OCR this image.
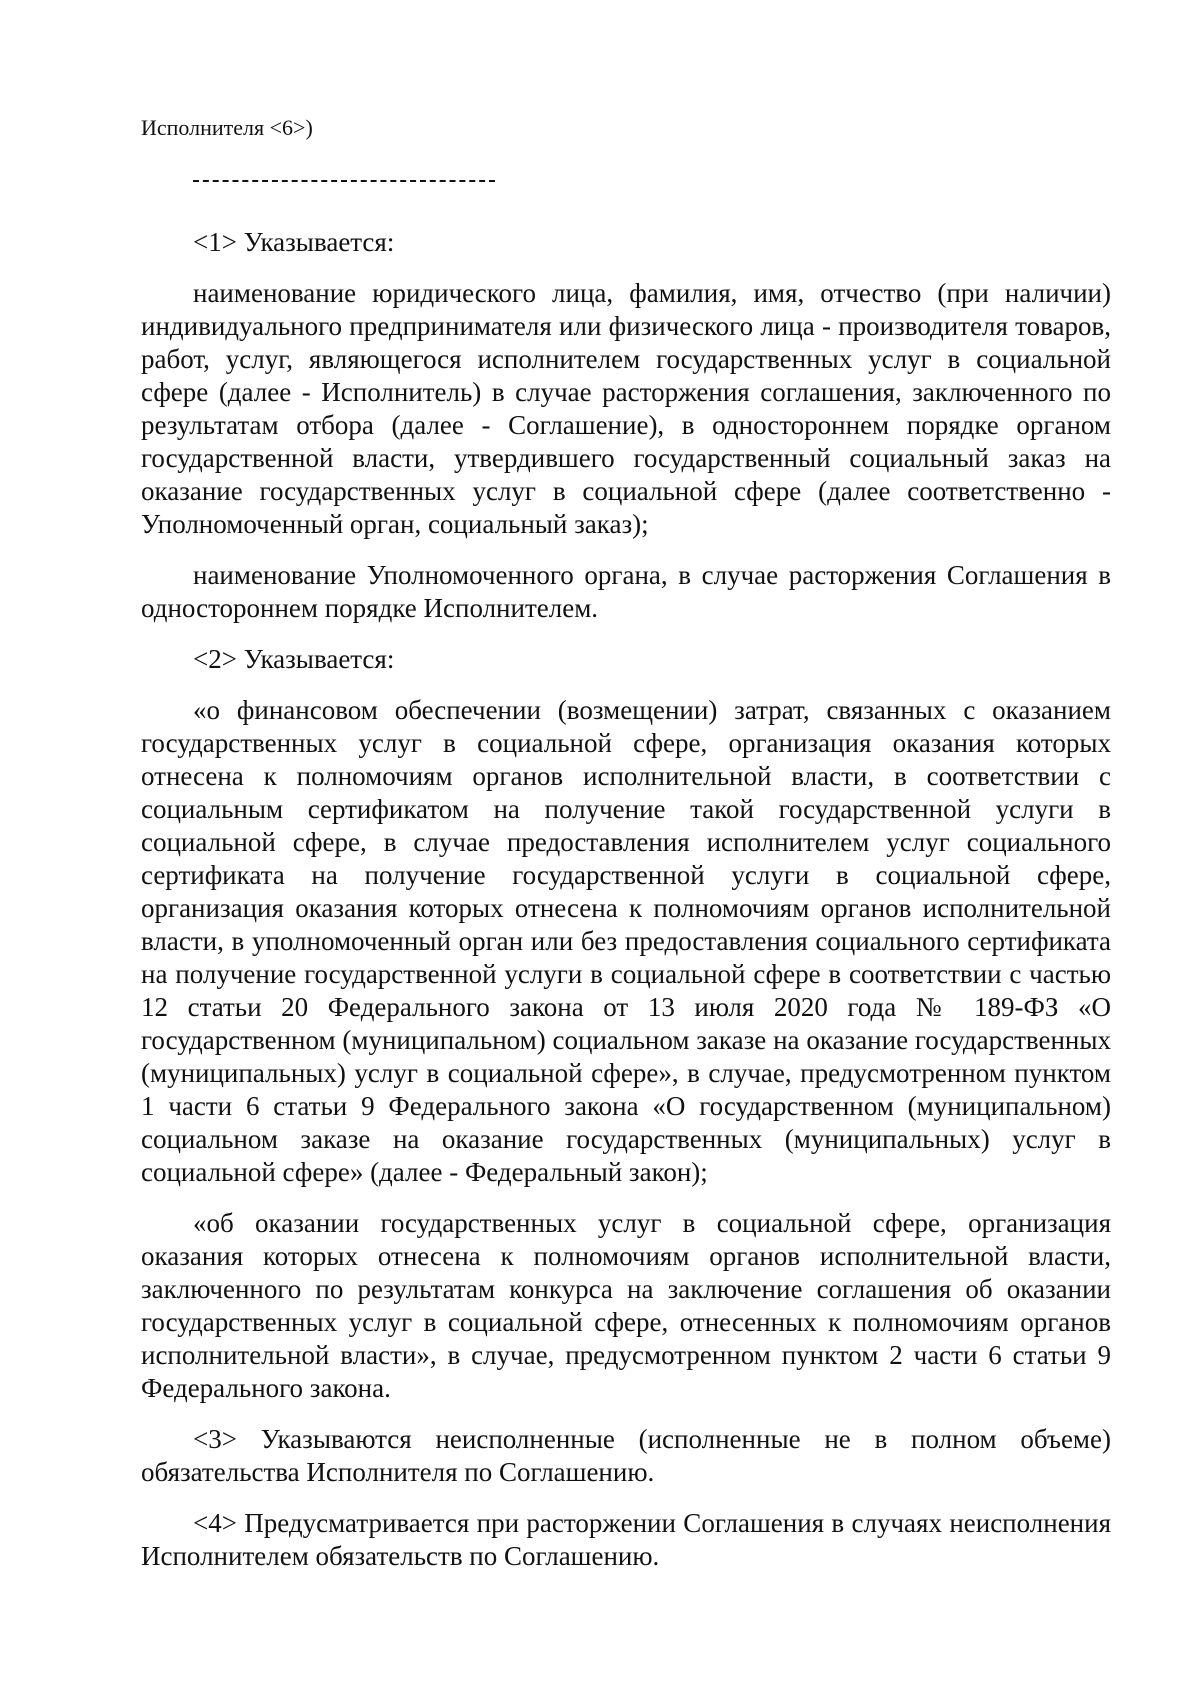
Исполнителя <6>)

<1> Указывается:

наименование юридического лица, фамилия, имя, отчество (при наличии) индивидуального предпринимателя или физического лица - производителя товаров, работ, услуг, являющегося исполнителем государственных услуг в социальной сфере (далее - Исполнитель) в случае расторжения соглашения, заключенного по результатам отбора (далее - Соглашение), в одностороннем порядке органом государственной власти, утвердившего государственный социальный заказ на оказание государственных услуг в социальной сфере (далее соответственно - Уполномоченный орган, социальный заказ);

наименование Уполномоченного органа, в случае расторжения Соглашения в одностороннем порядке Исполнителем.

<2> Указывается:

«о финансовом обеспечении (возмещении) затрат, связанных с оказанием государственных услуг в социальной сфере, организация оказания которых отнесена к полномочиям органов исполнительной власти, в соответствии с социальным сертификатом на получение такой государственной услуги в социальной сфере, в случае предоставления исполнителем услуг социального сертификата на получение государственной услуги в социальной сфере, организация оказания которых отнесена к полномочиям органов исполнительной власти, в уполномоченный орган или без предоставления социального сертификата на получение государственной услуги в социальной сфере в соответствии с частью 12 статьи 20 Федерального закона от 13 июля 2020 года № 189-ФЗ «О государственном (муниципальном) социальном заказе на оказание государственных (муниципальных) услуг в социальной сфере», в случае, предусмотренном пунктом 1 части 6 статьи 9 Федерального закона «О государственном (муниципальном) социальном заказе на оказание государственных (муниципальных) услуг в социальной сфере» (далее - Федеральный закон);

«об оказании государственных услуг в социальной сфере, организация оказания которых отнесена к полномочиям органов исполнительной власти, заключенного по результатам конкурса на заключение соглашения об оказании государственных услуг в социальной сфере, отнесенных к полномочиям органов исполнительной власти», в случае, предусмотренном пунктом 2 части 6 статьи 9 Федерального закона.

<3> Указываются неисполненные (исполненные не в полном объеме) обязательства Исполнителя по Соглашению.

<4> Предусматривается при расторжении Соглашения в случаях неисполнения Исполнителем обязательств по Соглашению.
